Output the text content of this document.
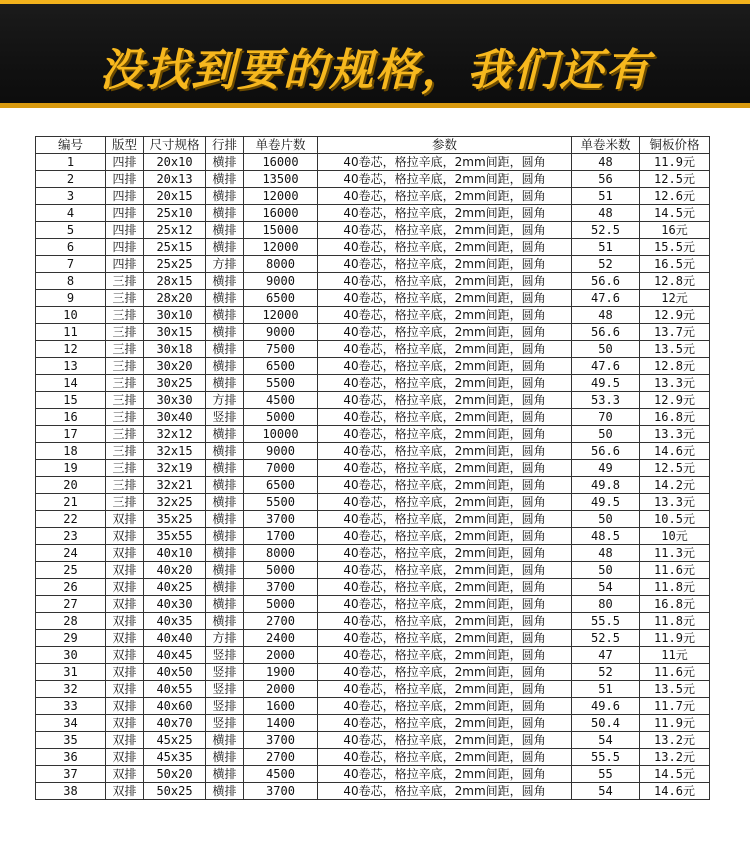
没找到要的规格，我们还有
编号	版型	尺寸规格	行排	单卷片数	参数	单卷米数	铜板价格
1	四排	20x10	横排	16000	40卷芯，格拉辛底，2mm间距，圆角	48	11.9元
2	四排	20x13	横排	13500	40卷芯，格拉辛底，2mm间距，圆角	56	12.5元
3	四排	20x15	横排	12000	40卷芯，格拉辛底，2mm间距，圆角	51	12.6元
4	四排	25x10	横排	16000	40卷芯，格拉辛底，2mm间距，圆角	48	14.5元
5	四排	25x12	横排	15000	40卷芯，格拉辛底，2mm间距，圆角	52.5	16元
6	四排	25x15	横排	12000	40卷芯，格拉辛底，2mm间距，圆角	51	15.5元
7	四排	25x25	方排	8000	40卷芯，格拉辛底，2mm间距，圆角	52	16.5元
8	三排	28x15	横排	9000	40卷芯，格拉辛底，2mm间距，圆角	56.6	12.8元
9	三排	28x20	横排	6500	40卷芯，格拉辛底，2mm间距，圆角	47.6	12元
10	三排	30x10	横排	12000	40卷芯，格拉辛底，2mm间距，圆角	48	12.9元
11	三排	30x15	横排	9000	40卷芯，格拉辛底，2mm间距，圆角	56.6	13.7元
12	三排	30x18	横排	7500	40卷芯，格拉辛底，2mm间距，圆角	50	13.5元
13	三排	30x20	横排	6500	40卷芯，格拉辛底，2mm间距，圆角	47.6	12.8元
14	三排	30x25	横排	5500	40卷芯，格拉辛底，2mm间距，圆角	49.5	13.3元
15	三排	30x30	方排	4500	40卷芯，格拉辛底，2mm间距，圆角	53.3	12.9元
16	三排	30x40	竖排	5000	40卷芯，格拉辛底，2mm间距，圆角	70	16.8元
17	三排	32x12	横排	10000	40卷芯，格拉辛底，2mm间距，圆角	50	13.3元
18	三排	32x15	横排	9000	40卷芯，格拉辛底，2mm间距，圆角	56.6	14.6元
19	三排	32x19	横排	7000	40卷芯，格拉辛底，2mm间距，圆角	49	12.5元
20	三排	32x21	横排	6500	40卷芯，格拉辛底，2mm间距，圆角	49.8	14.2元
21	三排	32x25	横排	5500	40卷芯，格拉辛底，2mm间距，圆角	49.5	13.3元
22	双排	35x25	横排	3700	40卷芯，格拉辛底，2mm间距，圆角	50	10.5元
23	双排	35x55	横排	1700	40卷芯，格拉辛底，2mm间距，圆角	48.5	10元
24	双排	40x10	横排	8000	40卷芯，格拉辛底，2mm间距，圆角	48	11.3元
25	双排	40x20	横排	5000	40卷芯，格拉辛底，2mm间距，圆角	50	11.6元
26	双排	40x25	横排	3700	40卷芯，格拉辛底，2mm间距，圆角	54	11.8元
27	双排	40x30	横排	5000	40卷芯，格拉辛底，2mm间距，圆角	80	16.8元
28	双排	40x35	横排	2700	40卷芯，格拉辛底，2mm间距，圆角	55.5	11.8元
29	双排	40x40	方排	2400	40卷芯，格拉辛底，2mm间距，圆角	52.5	11.9元
30	双排	40x45	竖排	2000	40卷芯，格拉辛底，2mm间距，圆角	47	11元
31	双排	40x50	竖排	1900	40卷芯，格拉辛底，2mm间距，圆角	52	11.6元
32	双排	40x55	竖排	2000	40卷芯，格拉辛底，2mm间距，圆角	51	13.5元
33	双排	40x60	竖排	1600	40卷芯，格拉辛底，2mm间距，圆角	49.6	11.7元
34	双排	40x70	竖排	1400	40卷芯，格拉辛底，2mm间距，圆角	50.4	11.9元
35	双排	45x25	横排	3700	40卷芯，格拉辛底，2mm间距，圆角	54	13.2元
36	双排	45x35	横排	2700	40卷芯，格拉辛底，2mm间距，圆角	55.5	13.2元
37	双排	50x20	横排	4500	40卷芯，格拉辛底，2mm间距，圆角	55	14.5元
38	双排	50x25	横排	3700	40卷芯，格拉辛底，2mm间距，圆角	54	14.6元
